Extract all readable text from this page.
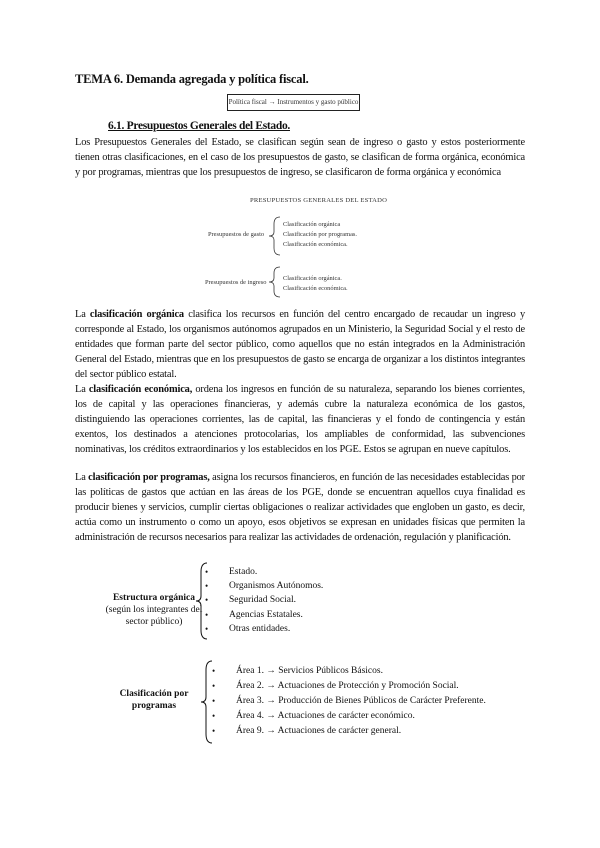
TEMA 6. Demanda agregada y política fiscal.
Política fiscal → Instrumentos y gasto público
6.1. Presupuestos Generales del Estado.
Los Presupuestos Generales del Estado, se clasifican según sean de ingreso o gasto y estos posteriormente tienen otras clasificaciones, en el caso de los presupuestos de gasto, se clasifican de forma orgánica, económica y por programas, mientras que los presupuestos de ingreso, se clasificaron de forma orgánica y económica
PRESUPUESTOS GENERALES DEL ESTADO
Presupuestos de gasto
Clasificación orgánica
Clasificación por programas.
Clasificación económica.
Presupuestos de ingreso
Clasificación orgánica.
Clasificación económica.
La clasificación orgánica clasifica los recursos en función del centro encargado de recaudar un ingreso y corresponde al Estado, los organismos autónomos agrupados en un Ministerio, la Seguridad Social y el resto de entidades que forman parte del sector público, como aquellos que no están integrados en la Administración General del Estado, mientras que en los presupuestos de gasto se encarga de organizar a los distintos integrantes del sector público estatal.
La clasificación económica, ordena los ingresos en función de su naturaleza, separando los bienes corrientes, los de capital y las operaciones financieras, y además cubre la naturaleza económica de los gastos, distinguiendo las operaciones corrientes, las de capital, las financieras y el fondo de contingencia y están exentos, los destinados a atenciones protocolarias, los ampliables de conformidad, las subvenciones nominativas, los créditos extraordinarios y los establecidos en los PGE. Estos se agrupan en nueve capítulos.
La clasificación por programas, asigna los recursos financieros, en función de las necesidades establecidas por las políticas de gastos que actúan en las áreas de los PGE, donde se encuentran aquellos cuya finalidad es producir bienes y servicios, cumplir ciertas obligaciones o realizar actividades que engloben un gasto, es decir, actúa como un instrumento o como un apoyo, esos objetivos se expresan en unidades físicas que permiten la administración de recursos necesarios para realizar las actividades de ordenación, regulación y planificación.
Estructura orgánica
(según los integrantes del sector público)
•	Estado.
•	Organismos Autónomos.
•	Seguridad Social.
•	Agencias Estatales.
•	Otras entidades.
Clasificación por programas
•	Área 1. → Servicios Públicos Básicos.
•	Área 2. → Actuaciones de Protección y Promoción Social.
•	Área 3. → Producción de Bienes Públicos de Carácter Preferente.
•	Área 4. → Actuaciones de carácter económico.
•	Área 9. → Actuaciones de carácter general.
